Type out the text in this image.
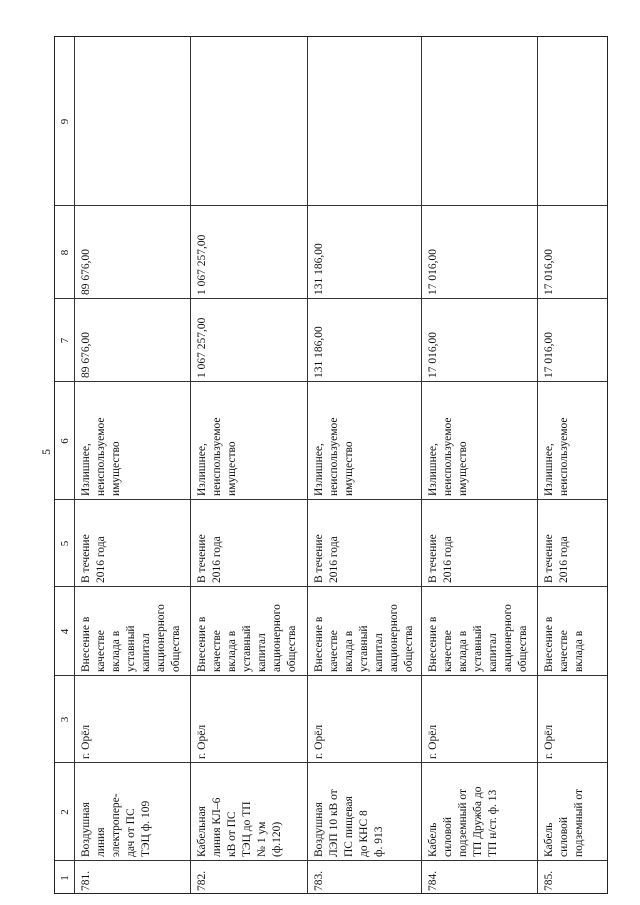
5
9
8
7
6
5
4
3
2
1
89 676,00
89 676,00
Излишнее,
неиспользуемое
имущество
В течение
2016 года
Внесение в
качестве
вклада в
уставный
капитал
акционерного
общества
г. Орёл
Воздушная
линия
электропере-
дач от ПС
ТЭЦ ф. 109
781.
1 067 257,00
1 067 257,00
Излишнее,
неиспользуемое
имущество
В течение
2016 года
Внесение в
качестве
вклада в
уставный
капитал
акционерного
общества
г. Орёл
Кабельная
линия КЛ–6
кВ от ПС
ТЭЦ до ТП
№ 1 ум
(ф.120)
782.
131 186,00
131 186,00
Излишнее,
неиспользуемое
имущество
В течение
2016 года
Внесение в
качестве
вклада в
уставный
капитал
акционерного
общества
г. Орёл
Воздушная
ЛЭП 10 кВ от
ПС пищевая
до КНС 8
ф. 913
783.
17 016,00
17 016,00
Излишнее,
неиспользуемое
имущество
В течение
2016 года
Внесение в
качестве
вклада в
уставный
капитал
акционерного
общества
г. Орёл
Кабель
силовой
подземный от
ТП Дружба до
ТП н/ст. ф. 13
784.
17 016,00
17 016,00
Излишнее,
неиспользуемое
В течение
2016 года
Внесение в
качестве
вклада в
г. Орёл
Кабель
силовой
подземный от
785.
